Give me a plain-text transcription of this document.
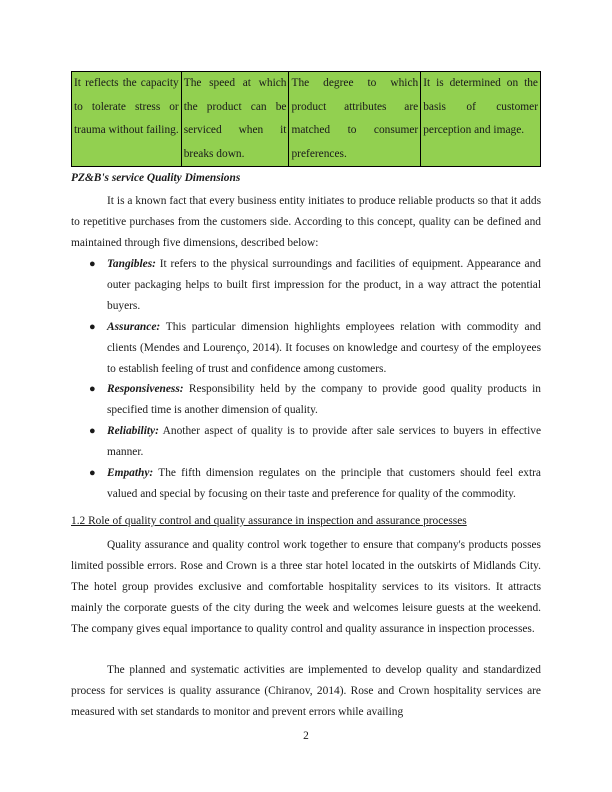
It reflects the capacity to tolerate stress or trauma without failing.	The speed at which the product can be serviced when it breaks down.	The degree to which product attributes are matched to consumer preferences.	It is determined on the basis of customer perception and image.
PZ&B's service Quality Dimensions

It is a known fact that every business entity initiates to produce reliable products so that it adds to repetitive purchases from the customers side. According to this concept, quality can be defined and maintained through five dimensions, described below:

● Tangibles: It refers to the physical surroundings and facilities of equipment. Appearance and outer packaging helps to built first impression for the product, in a way attract the potential buyers.
● Assurance: This particular dimension highlights employees relation with commodity and clients (Mendes and Lourenço, 2014). It focuses on knowledge and courtesy of the employees to establish feeling of trust and confidence among customers.
● Responsiveness: Responsibility held by the company to provide good quality products in specified time is another dimension of quality.
● Reliability: Another aspect of quality is to provide after sale services to buyers in effective manner.
● Empathy: The fifth dimension regulates on the principle that customers should feel extra valued and special by focusing on their taste and preference for quality of the commodity.
1.2 Role of quality control and quality assurance in inspection and assurance processes

Quality assurance and quality control work together to ensure that company's products posses limited possible errors. Rose and Crown is a three star hotel located in the outskirts of Midlands City. The hotel group provides exclusive and comfortable hospitality services to its visitors. It attracts mainly the corporate guests of the city during the week and welcomes leisure guests at the weekend. The company gives equal importance to quality control and quality assurance in inspection processes.

The planned and systematic activities are implemented to develop quality and standardized process for services is quality assurance (Chiranov, 2014). Rose and Crown hospitality services are measured with set standards to monitor and prevent errors while availing

2
